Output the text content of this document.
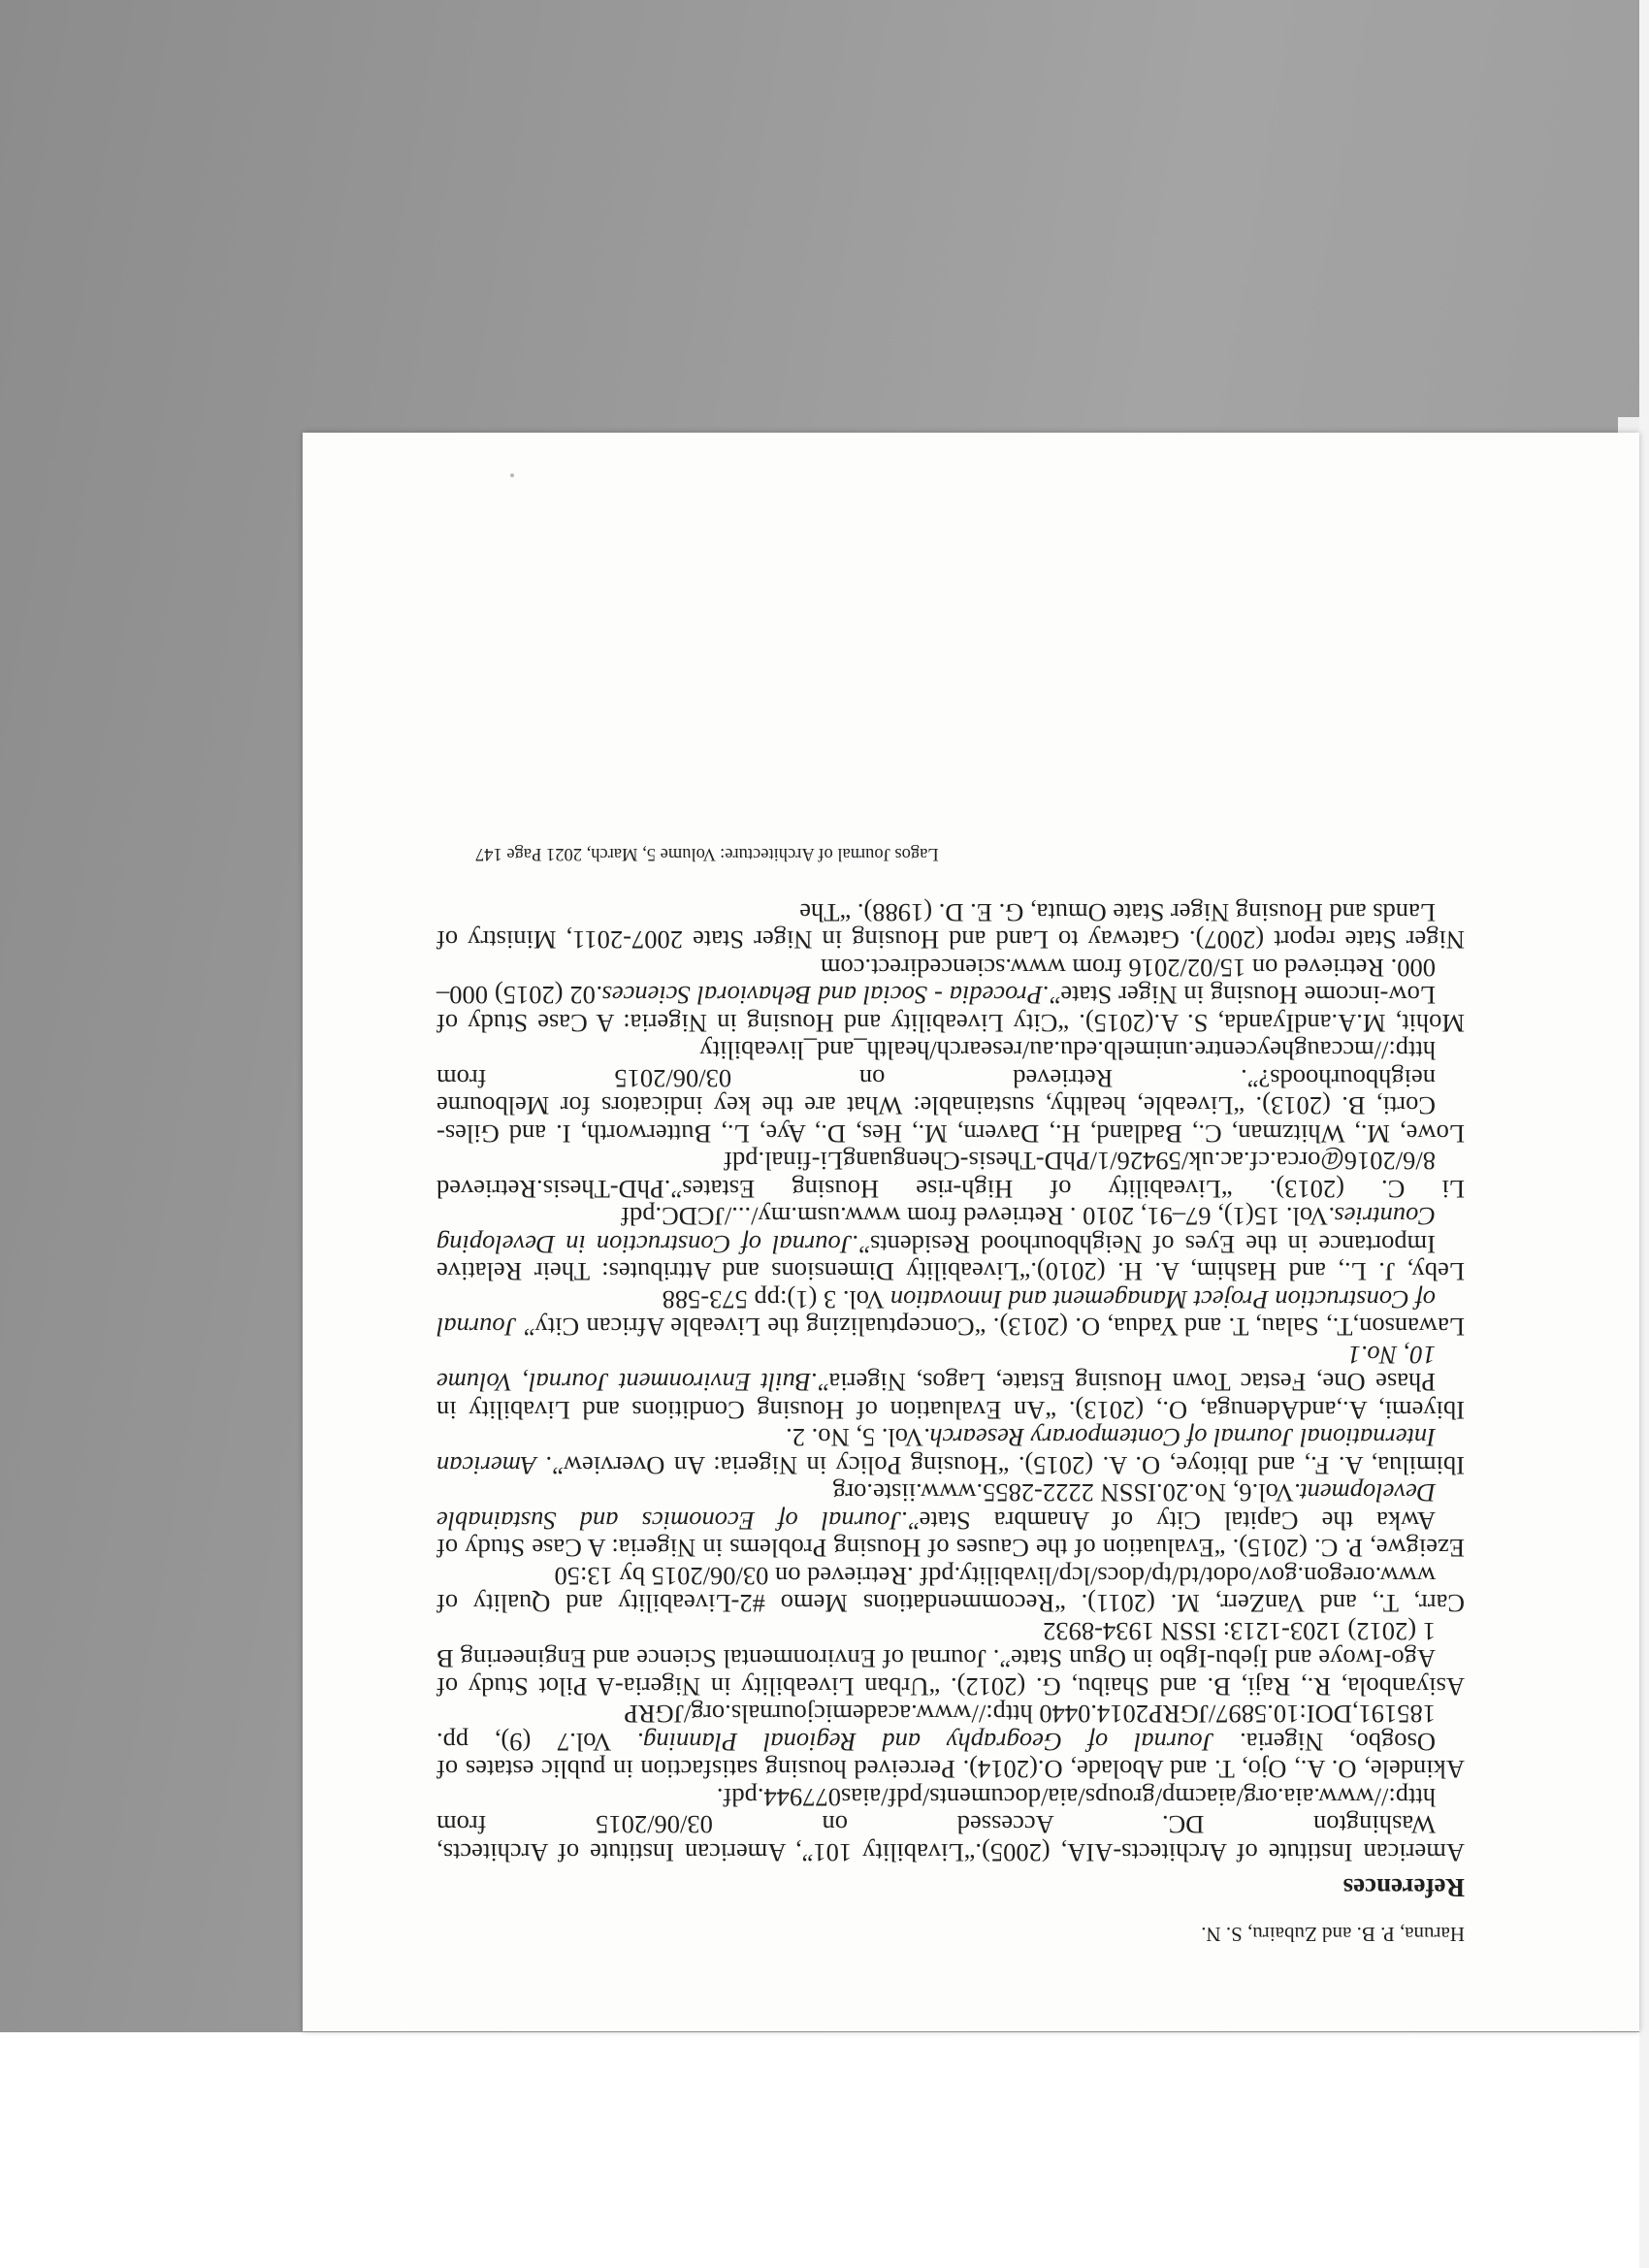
Haruna, P. B. and Zubairu, S. N.
References
American Institute of Architects-AIA, (2005).“Livability 101”, American Institute of Architects, Washington DC. Accessed on 03/06/2015 from http://www.aia.org/aiacmp/groups/aia/documents/pdf/aias077944.pdf.
Akindele, O. A., Ojo, T. and Abolade, O.(2014). Perceived housing satisfaction in public estates of Osogbo, Nigeria. Journal of Geography and Regional Planning. Vol.7 (9), pp. 185191,DOI:10.5897/JGRP2014.0440 http://www.academicjournals.org/JGRP
Asiyanbola, R., Raji, B. and Shaibu, G. (2012). “Urban Liveability in Nigeria-A Pilot Study of Ago-Iwoye and Ijebu-Igbo in Ogun State”. Journal of Environmental Science and Engineering B 1 (2012) 1203-1213: ISSN 1934-8932
Carr, T., and VanZerr, M. (2011). “Recommendations Memo #2-Liveability and Quality of www.oregon.gov/odot/td/tp/docs/lcp/livability.pdf .Retrieved on 03/06/2015 by 13:50
Ezeigwe, P. C. (2015). “Evaluation of the Causes of Housing Problems in Nigeria: A Case Study of Awka the Capital City of Anambra State”.Journal of Economics and Sustainable Development.Vol.6, No.20.ISSN 2222-2855.www.iiste.org
Ibimilua, A. F., and Ibitoye, O. A. (2015). “Housing Policy in Nigeria: An Overview”. American International Journal of Contemporary Research.Vol. 5, No. 2.
Ibiyemi, A.,andAdenuga, O., (2013). “An Evaluation of Housing Conditions and Livability in Phase One, Festac Town Housing Estate, Lagos, Nigeria”.Built Environment Journal, Volume 10, No.1
Lawanson,T., Salau, T. and Yadua, O. (2013). “Conceptualizing the Liveable African City” Journal of Construction Project Management and Innovation Vol. 3 (1):pp 573-588
Leby, J. L., and Hashim, A. H. (2010).“Liveability Dimensions and Attributes: Their Relative Importance in the Eyes of Neighbourhood Residents”.Journal of Construction in Developing Countries.Vol. 15(1), 67–91, 2010 . Retrieved from www.usm.my/.../JCDC.pdf
Li C. (2013). “Liveability of High-rise Housing Estates”.PhD-Thesis.Retrieved 8/6/2016@orca.cf.ac.uk/59426/1/PhD-Thesis-ChenguangLi-final.pdf
Lowe, M., Whitzman, C., Badland, H., Davern, M., Hes, D., Aye, L., Butterworth, I. and Giles-Corti, B. (2013). “Liveable, healthy, sustainable: What are the key indicators for Melbourne neighbourhoods?”. Retrieved on 03/06/2015 from http://mccaugheycentre.unimelb.edu.au/research/health_and_liveability
Mohit, M.A.andIyanda, S. A.(2015). “City Liveability and Housing in Nigeria: A Case Study of Low-income Housing in Niger State”.Procedia - Social and Behavioral Sciences.02 (2015) 000–000. Retrieved on 15/02/2016 from www.sciencedirect.com
Niger State report (2007). Gateway to Land and Housing in Niger State 2007-2011, Ministry of Lands and Housing Niger State Omuta, G. E. D. (1988). “The
Lagos Journal of Architecture: Volume 5, March, 2021 Page 147
